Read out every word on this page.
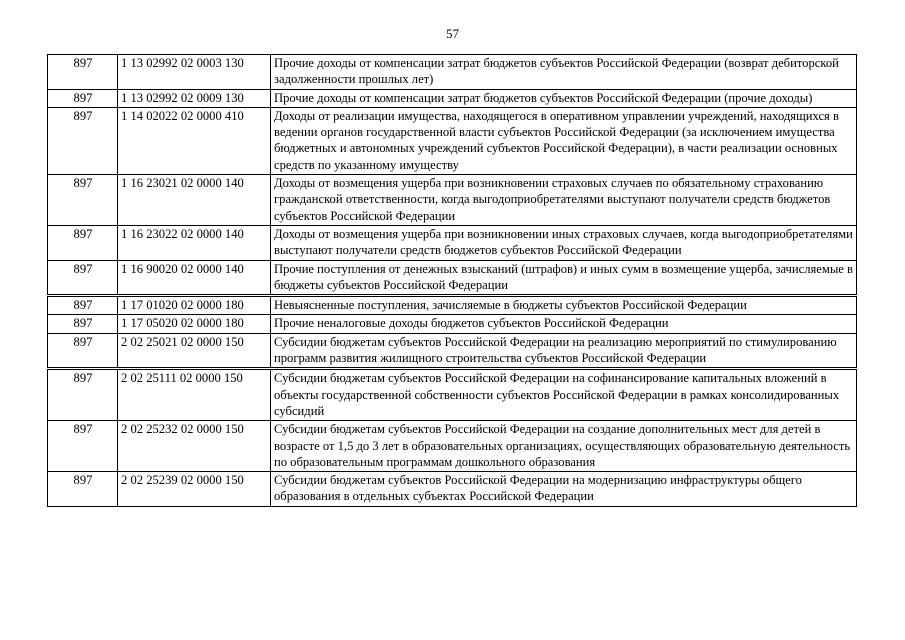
57
897	1 13 02992 02 0003 130	Прочие доходы от компенсации затрат бюджетов субъектов Российской Федерации (возврат дебиторской задолженности прошлых лет)
897	1 13 02992 02 0009 130	Прочие доходы от компенсации затрат бюджетов субъектов Российской Федерации (прочие доходы)
897	1 14 02022 02 0000 410	Доходы от реализации имущества, находящегося в оперативном управлении учреждений, находящихся в ведении органов государственной власти субъектов Российской Федерации (за исключением имущества бюджетных и автономных учреждений субъектов Российской Федерации), в части реализации основных средств по указанному имуществу
897	1 16 23021 02 0000 140	Доходы от возмещения ущерба при возникновении страховых случаев по обязательному страхованию гражданской ответственности, когда выгодоприобретателями выступают получатели средств бюджетов субъектов Российской Федерации
897	1 16 23022 02 0000 140	Доходы от возмещения ущерба при возникновении иных страховых случаев, когда выгодоприобретателями выступают получатели средств бюджетов субъектов Российской Федерации
897	1 16 90020 02 0000 140	Прочие поступления от денежных взысканий (штрафов) и иных сумм в возмещение ущерба, зачисляемые в бюджеты субъектов Российской Федерации
897	1 17 01020 02 0000 180	Невыясненные поступления, зачисляемые в бюджеты субъектов Российской Федерации
897	1 17 05020 02 0000 180	Прочие неналоговые доходы бюджетов субъектов Российской Федерации
897	2 02 25021 02 0000 150	Субсидии бюджетам субъектов Российской Федерации на реализацию мероприятий по стимулированию программ развития жилищного строительства субъектов Российской Федерации
897	2 02 25111 02 0000 150	Субсидии бюджетам субъектов Российской Федерации на софинансирование капитальных вложений в объекты государственной собственности субъектов Российской Федерации в рамках консолидированных субсидий
897	2 02 25232 02 0000 150	Субсидии бюджетам субъектов Российской Федерации на создание дополнительных мест для детей в возрасте от 1,5 до 3 лет в образовательных организациях, осуществляющих образовательную деятельность по образовательным программам дошкольного образования
897	2 02 25239 02 0000 150	Субсидии бюджетам субъектов Российской Федерации на модернизацию инфраструктуры общего образования в отдельных субъектах Российской Федерации
